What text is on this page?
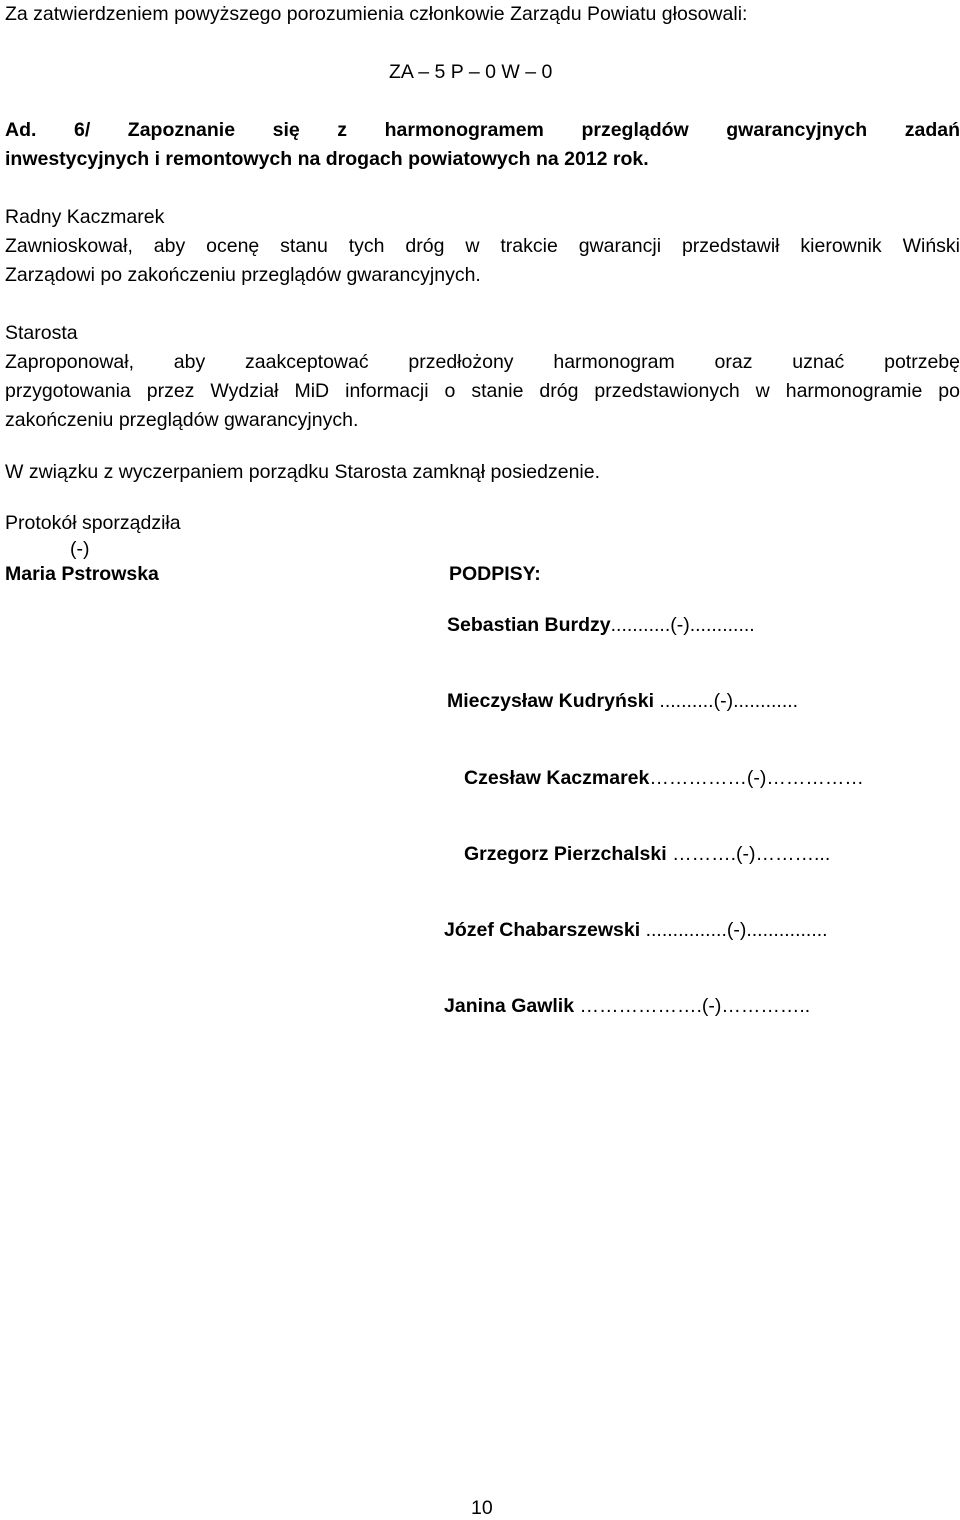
Za zatwierdzeniem powyższego porozumienia członkowie Zarządu Powiatu głosowali:

ZA – 5 P – 0 W – 0

Ad. 6/ Zapoznanie się z harmonogramem przeglądów gwarancyjnych zadań

inwestycyjnych i remontowych na drogach powiatowych na 2012 rok.

Radny Kaczmarek

Zawnioskował, aby ocenę stanu tych dróg w trakcie gwarancji przedstawił kierownik Wiński

Zarządowi po zakończeniu przeglądów gwarancyjnych.

Starosta

Zaproponował, aby zaakceptować przedłożony harmonogram oraz uznać potrzebę
przygotowania przez Wydział MiD informacji o stanie dróg przedstawionych w harmonogramie po

zakończeniu przeglądów gwarancyjnych.

W związku z wyczerpaniem porządku Starosta zamknął posiedzenie.

Protokół sporządziła

(-)

Maria Pstrowska	PODPISY:

Sebastian Burdzy...........(-)............

Mieczysław Kudryński ..........(-)............

Czesław Kaczmarek……………(-)……………

Grzegorz Pierzchalski ……….(-)………...

Józef Chabarszewski ...............(-)...............

Janina Gawlik ……………….(-)…………..

10
